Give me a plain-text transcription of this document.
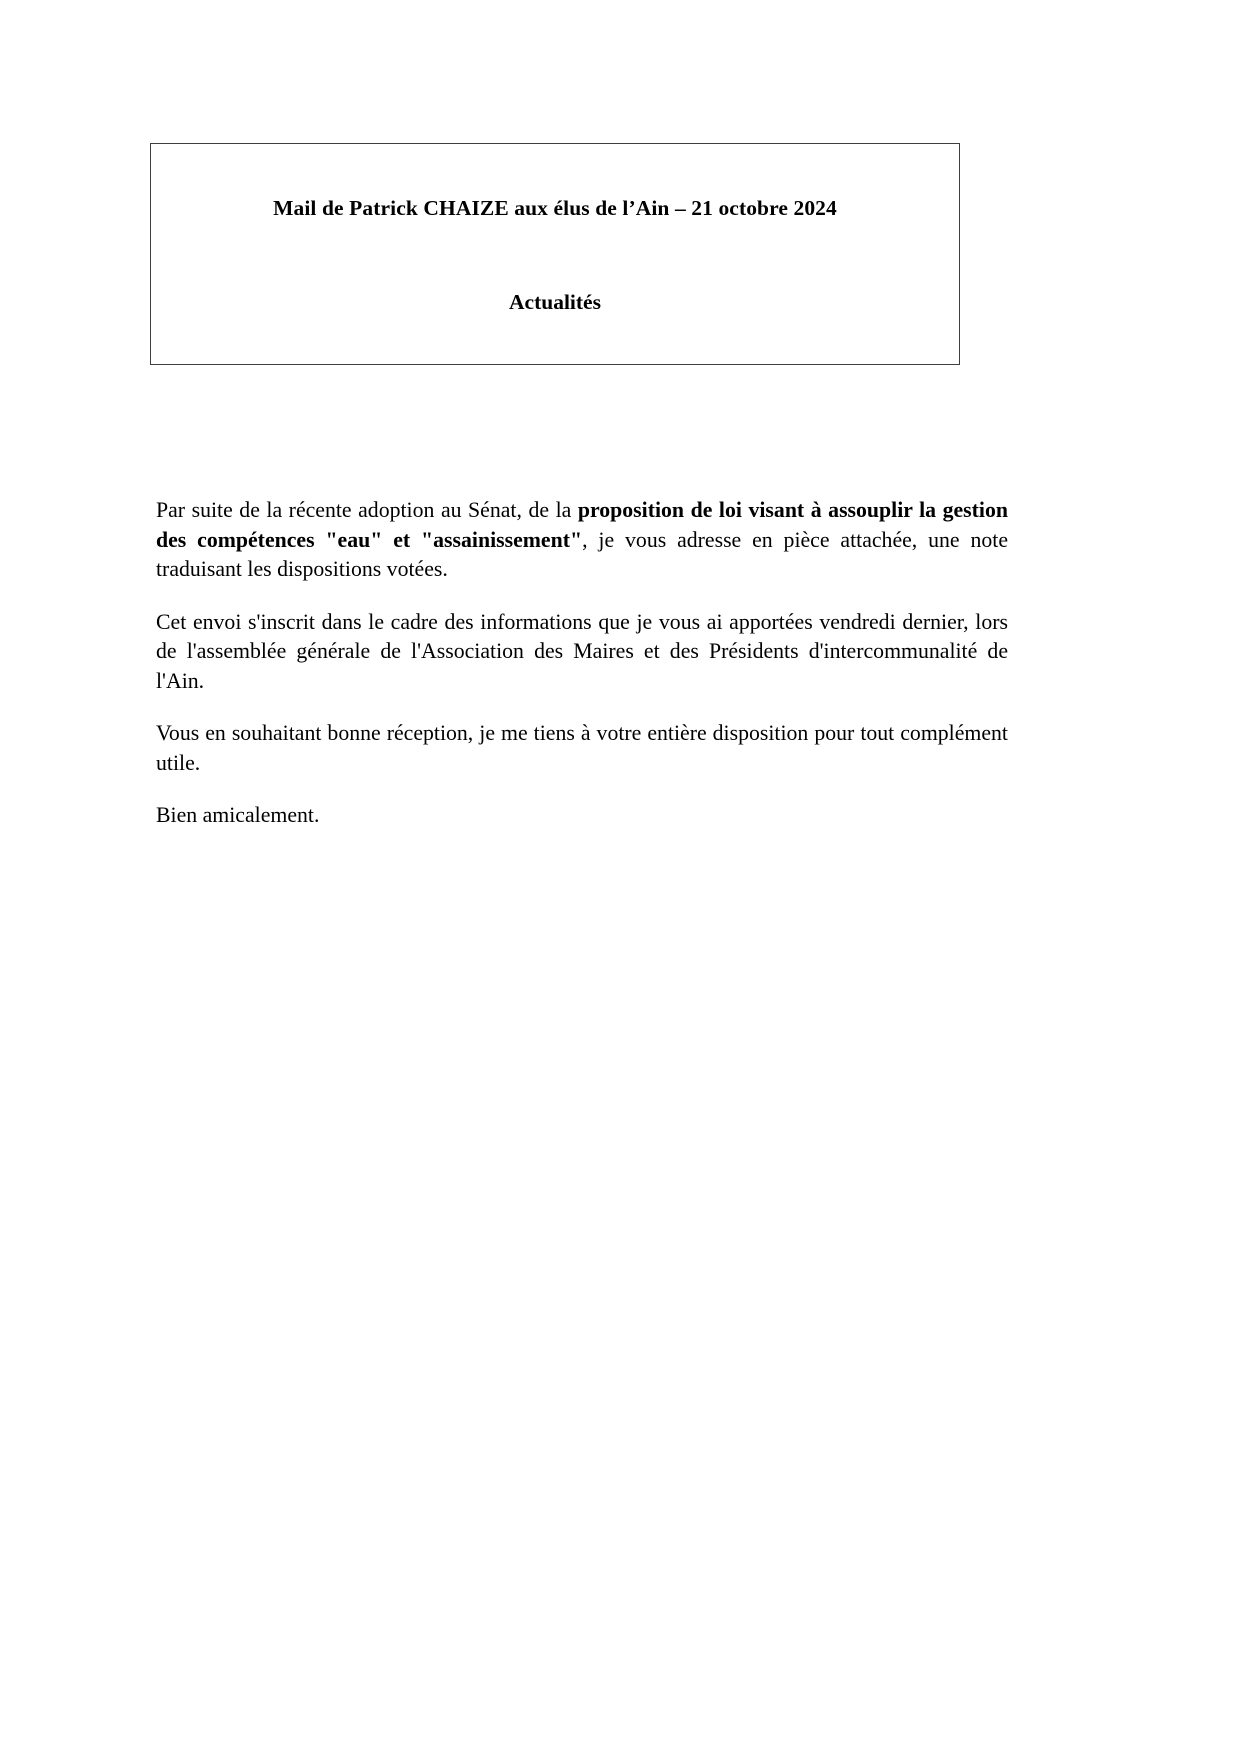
Mail de Patrick CHAIZE aux élus de l’Ain – 21 octobre 2024
Actualités

Par suite de la récente adoption au Sénat, de la proposition de loi visant à assouplir la gestion des compétences "eau" et "assainissement", je vous adresse en pièce attachée, une note traduisant les dispositions votées.

Cet envoi s'inscrit dans le cadre des informations que je vous ai apportées vendredi dernier, lors de l'assemblée générale de l'Association des Maires et des Présidents d'intercommunalité de l'Ain.

Vous en souhaitant bonne réception, je me tiens à votre entière disposition pour tout complément utile.

Bien amicalement.
